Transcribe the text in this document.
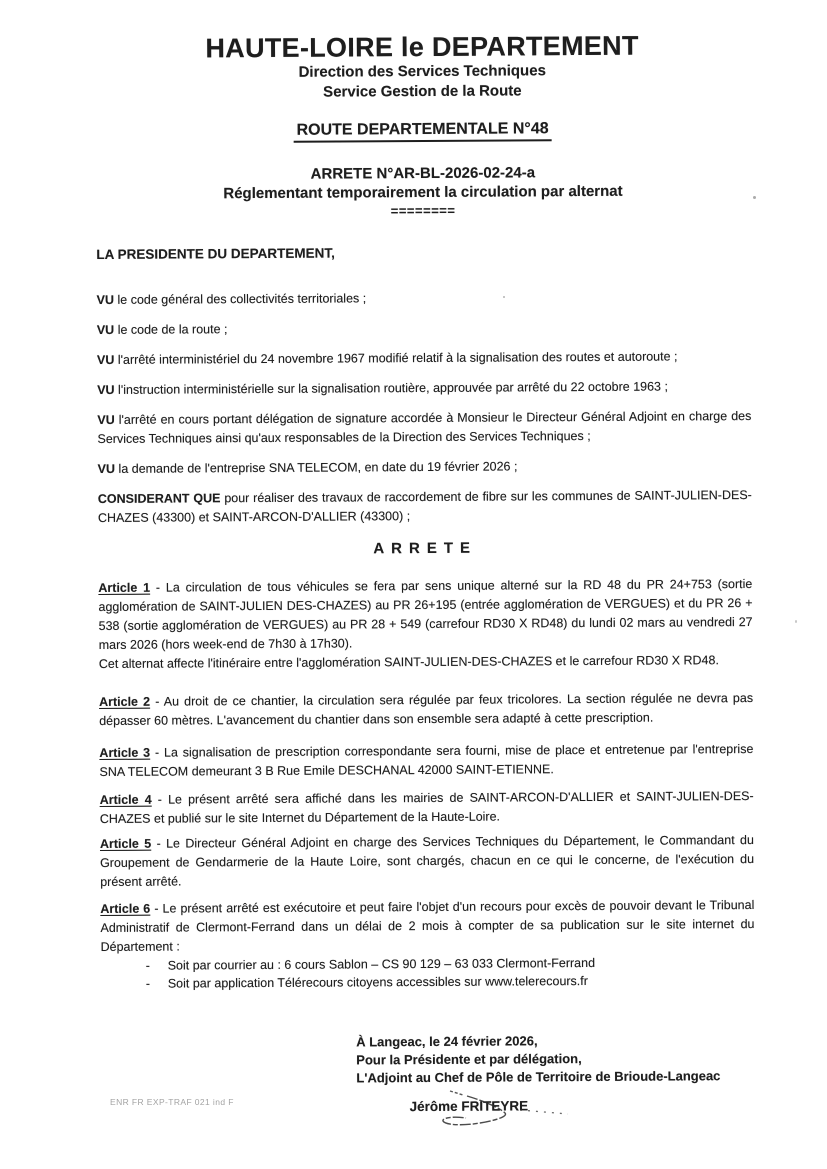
HAUTE-LOIRE le DEPARTEMENT
Direction des Services Techniques
Service Gestion de la Route
ROUTE DEPARTEMENTALE N°48
ARRETE N°AR-BL-2026-02-24-a
Réglementant temporairement la circulation par alternat
========
LA PRESIDENTE DU DEPARTEMENT,

VU le code général des collectivités territoriales ;

VU le code de la route ;

VU l'arrêté interministériel du 24 novembre 1967 modifié relatif à la signalisation des routes et autoroute ;

VU l'instruction interministérielle sur la signalisation routière, approuvée par arrêté du 22 octobre 1963 ;

VU l'arrêté en cours portant délégation de signature accordée à Monsieur le Directeur Général Adjoint en charge des Services Techniques ainsi qu'aux responsables de la Direction des Services Techniques ;

VU la demande de l'entreprise SNA TELECOM, en date du 19 février 2026 ;

CONSIDERANT QUE pour réaliser des travaux de raccordement de fibre sur les communes de SAINT-JULIEN-DES-CHAZES (43300) et SAINT-ARCON-D'ALLIER (43300) ;

ARRETE

Article 1 - La circulation de tous véhicules se fera par sens unique alterné sur la RD 48 du PR 24+753 (sortie agglomération de SAINT-JULIEN DES-CHAZES) au PR 26+195 (entrée agglomération de VERGUES) et du PR 26 + 538 (sortie agglomération de VERGUES) au PR 28 + 549 (carrefour RD30 X RD48) du lundi 02 mars au vendredi 27 mars 2026 (hors week-end de 7h30 à 17h30).

Cet alternat affecte l'itinéraire entre l'agglomération SAINT-JULIEN-DES-CHAZES et le carrefour RD30 X RD48.

Article 2 - Au droit de ce chantier, la circulation sera régulée par feux tricolores. La section régulée ne devra pas dépasser 60 mètres. L'avancement du chantier dans son ensemble sera adapté à cette prescription.

Article 3 - La signalisation de prescription correspondante sera fourni, mise de place et entretenue par l'entreprise SNA TELECOM demeurant 3 B Rue Emile DESCHANAL 42000 SAINT-ETIENNE.

Article 4 - Le présent arrêté sera affiché dans les mairies de SAINT-ARCON-D'ALLIER et SAINT-JULIEN-DES-CHAZES et publié sur le site Internet du Département de la Haute-Loire.

Article 5 - Le Directeur Général Adjoint en charge des Services Techniques du Département, le Commandant du Groupement de Gendarmerie de la Haute Loire, sont chargés, chacun en ce qui le concerne, de l'exécution du présent arrêté.

Article 6 - Le présent arrêté est exécutoire et peut faire l'objet d'un recours pour excès de pouvoir devant le Tribunal Administratif de Clermont-Ferrand dans un délai de 2 mois à compter de sa publication sur le site internet du Département :

-	Soit par courrier au : 6 cours Sablon – CS 90 129 – 63 033 Clermont-Ferrand
-	Soit par application Télérecours citoyens accessibles sur www.telerecours.fr
À Langeac, le 24 février 2026,
Pour la Présidente et par délégation,
L'Adjoint au Chef de Pôle de Territoire de Brioude-Langeac
Jérôme FRITEYRE
ENR FR EXP-TRAF 021 ind F
